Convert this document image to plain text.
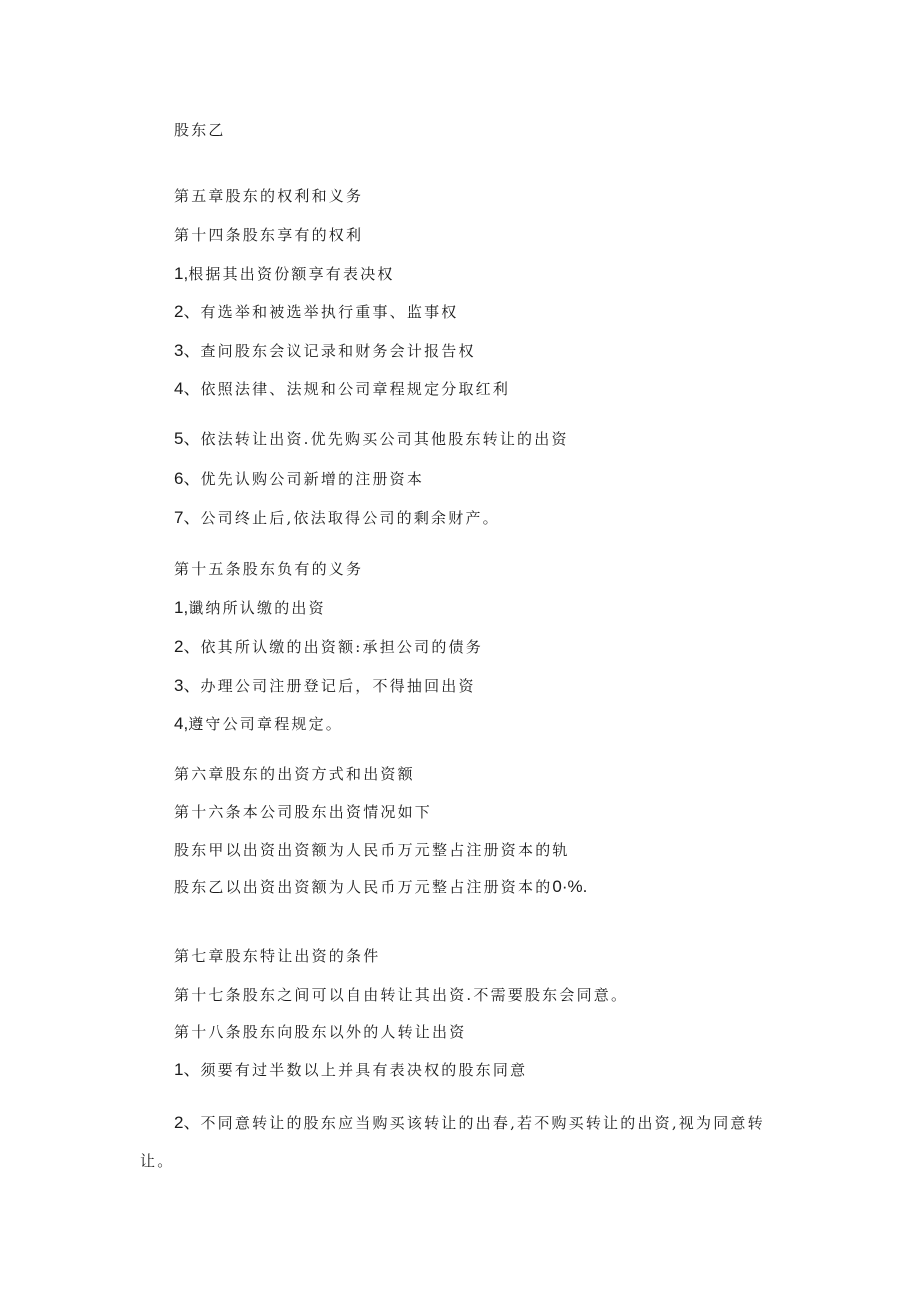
股东乙
第五章股东的权利和义务
第十四条股东享有的权利
1,根据其出资份额享有表决权
2、有选举和被选举执行重事、监事权
3、查问股东会议记录和财务会计报告权
4、依照法律、法规和公司章程规定分取红利
5、依法转让出资.优先购买公司其他股东转让的出资
6、优先认购公司新增的注册资本
7、公司终止后,依法取得公司的剩余财产。
第十五条股东负有的义务
1,谶纳所认缴的出资
2、依其所认缴的出资额:承担公司的债务
3、办理公司注册登记后，不得抽回出资
4,遵守公司章程规定。
第六章股东的出资方式和出资额
第十六条本公司股东出资情况如下
股东甲以出资出资额为人民币万元整占注册资本的轨
股东乙以出资出资额为人民币万元整占注册资本的0·%.
第七章股东特让出资的条件
第十七条股东之间可以自由转让其出资.不需要股东会同意。
第十八条股东向股东以外的人转让出资
1、须要有过半数以上并具有表决权的股东同意
2、不同意转让的股东应当购买该转让的出春,若不购买转让的出资,视为同意转让。
